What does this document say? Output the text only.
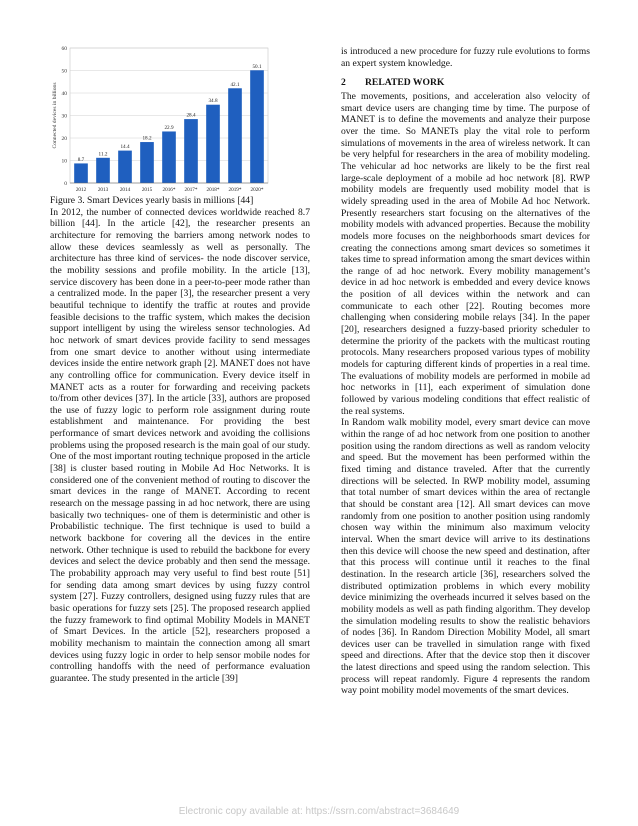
0
10
20
30
40
50
60
8.7
2012
11.2
2013
14.4
2014
18.2
2015
22.9
2016*
28.4
2017*
34.8
2018*
42.1
2019*
50.1
2020*
Connected devices in billions

Figure 3. Smart Devices yearly basis in millions [44]

In 2012, the number of connected devices worldwide reached 8.7 billion [44]. In the article [42], the researcher presents an architecture for removing the barriers among network nodes to allow these devices seamlessly as well as personally. The architecture has three kind of services- the node discover service, the mobility sessions and profile mobility. In the article [13], service discovery has been done in a peer-to-peer mode rather than a centralized mode. In the paper [3], the researcher present a very beautiful technique to identify the traffic at routes and provide feasible decisions to the traffic system, which makes the decision support intelligent by using the wireless sensor technologies. Ad hoc network of smart devices provide facility to send messages from one smart device to another without using intermediate devices inside the entire network graph [2]. MANET does not have any controlling office for communication. Every device itself in MANET acts as a router for forwarding and receiving packets to/from other devices [37]. In the article [33], authors are proposed the use of fuzzy logic to perform role assignment during route establishment and maintenance. For providing the best performance of smart devices network and avoiding the collisions problems using the proposed research is the main goal of our study. One of the most important routing technique proposed in the article [38] is cluster based routing in Mobile Ad Hoc Networks. It is considered one of the convenient method of routing to discover the smart devices in the range of MANET. According to recent research on the message passing in ad hoc network, there are using basically two techniques- one of them is deterministic and other is Probabilistic technique. The first technique is used to build a network backbone for covering all the devices in the entire network. Other technique is used to rebuild the backbone for every devices and select the device probably and then send the message. The probability approach may very useful to find best route [51] for sending data among smart devices by using fuzzy control system [27]. Fuzzy controllers, designed using fuzzy rules that are basic operations for fuzzy sets [25]. The proposed research applied the fuzzy framework to find optimal Mobility Models in MANET of Smart Devices. In the article [52], researchers proposed a mobility mechanism to maintain the connection among all smart devices using fuzzy logic in order to help sensor mobile nodes for controlling handoffs with the need of performance evaluation guarantee. The study presented in the article [39]

is introduced a new procedure for fuzzy rule evolutions to forms an expert system knowledge.

2 RELATED WORK

The movements, positions, and acceleration also velocity of smart device users are changing time by time. The purpose of MANET is to define the movements and analyze their purpose over the time. So MANETs play the vital role to perform simulations of movements in the area of wireless network. It can be very helpful for researchers in the area of mobility modeling. The vehicular ad hoc networks are likely to be the first real large-scale deployment of a mobile ad hoc network [8]. RWP mobility models are frequently used mobility model that is widely spreading used in the area of Mobile Ad hoc Network. Presently researchers start focusing on the alternatives of the mobility models with advanced properties. Because the mobility models more focuses on the neighborhoods smart devices for creating the connections among smart devices so sometimes it takes time to spread information among the smart devices within the range of ad hoc network. Every mobility management’s device in ad hoc network is embedded and every device knows the position of all devices within the network and can communicate to each other [22]. Routing becomes more challenging when considering mobile relays [34]. In the paper [20], researchers designed a fuzzy-based priority scheduler to determine the priority of the packets with the multicast routing protocols. Many researchers proposed various types of mobility models for capturing different kinds of properties in a real time. The evaluations of mobility models are performed in mobile ad hoc networks in [11], each experiment of simulation done followed by various modeling conditions that effect realistic of the real systems.

In Random walk mobility model, every smart device can move within the range of ad hoc network from one position to another position using the random directions as well as random velocity and speed. But the movement has been performed within the fixed timing and distance traveled. After that the currently directions will be selected. In RWP mobility model, assuming that total number of smart devices within the area of rectangle that should be constant area [12]. All smart devices can move randomly from one position to another position using randomly chosen way within the minimum also maximum velocity interval. When the smart device will arrive to its destinations then this device will choose the new speed and destination, after that this process will continue until it reaches to the final destination. In the research article [36], researchers solved the distributed optimization problems in which every mobility device minimizing the overheads incurred it selves based on the mobility models as well as path finding algorithm. They develop the simulation modeling results to show the realistic behaviors of nodes [36]. In Random Direction Mobility Model, all smart devices user can be travelled in simulation range with fixed speed and directions. After that the device stop then it discover the latest directions and speed using the random selection. This process will repeat randomly. Figure 4 represents the random way point mobility model movements of the smart devices.

Electronic copy available at: https://ssrn.com/abstract=3684649
